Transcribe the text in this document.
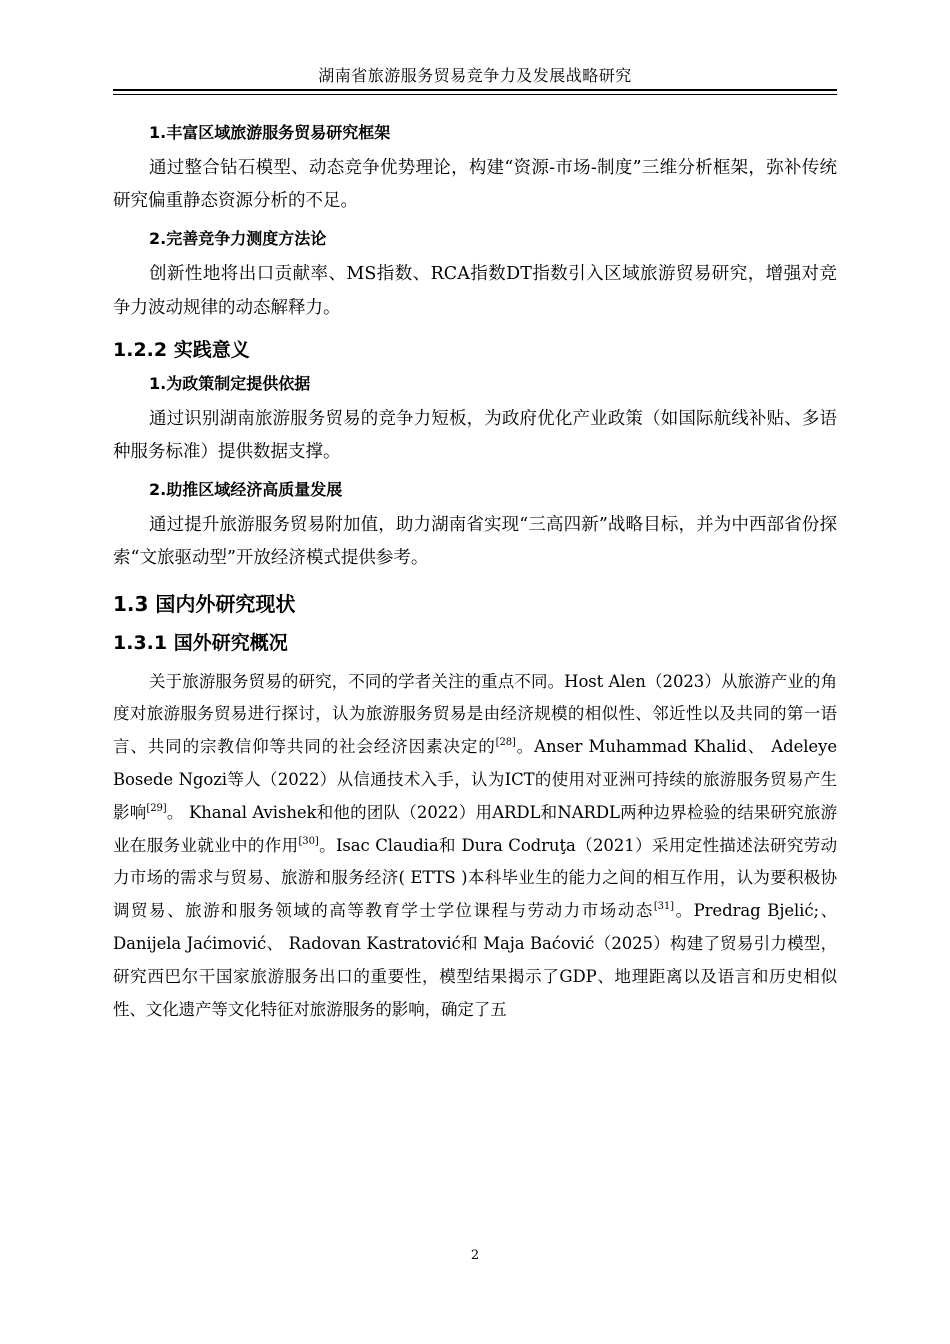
湖南省旅游服务贸易竞争力及发展战略研究
1.丰富区域旅游服务贸易研究框架

通过整合钻石模型、动态竞争优势理论，构建“资源-市场-制度”三维分析框架，弥补传统研究偏重静态资源分析的不足。

2.完善竞争力测度方法论

创新性地将出口贡献率、MS指数、RCA指数DT指数引入区域旅游贸易研究，增强对竞争力波动规律的动态解释力。

1.2.2 实践意义
1.为政策制定提供依据

通过识别湖南旅游服务贸易的竞争力短板，为政府优化产业政策（如国际航线补贴、多语种服务标准）提供数据支撑。

2.助推区域经济高质量发展

通过提升旅游服务贸易附加值，助力湖南省实现“三高四新”战略目标，并为中西部省份探索“文旅驱动型”开放经济模式提供参考。

1.3 国内外研究现状
1.3.1 国外研究概况

关于旅游服务贸易的研究，不同的学者关注的重点不同。Host Alen（2023）从旅游产业的角度对旅游服务贸易进行探讨，认为旅游服务贸易是由经济规模的相似性、邻近性以及共同的第一语言、共同的宗教信仰等共同的社会经济因素决定的[28]。Anser Muhammad Khalid、 Adeleye Bosede Ngozi等人（2022）从信通技术入手，认为ICT的使用对亚洲可持续的旅游服务贸易产生影响[29]。 Khanal Avishek和他的团队（2022）用ARDL和NARDL两种边界检验的结果研究旅游业在服务业就业中的作用[30]。Isac Claudia和 Dura Codruţa（2021）采用定性描述法研究劳动力市场的需求与贸易、旅游和服务经济( ETTS )本科毕业生的能力之间的相互作用，认为要积极协调贸易、旅游和服务领域的高等教育学士学位课程与劳动力市场动态[31]。Predrag Bjelić;、Danijela Jaćimović、 Radovan Kastratović和 Maja Baćović（2025）构建了贸易引力模型，研究西巴尔干国家旅游服务出口的重要性，模型结果揭示了GDP、地理距离以及语言和历史相似性、文化遗产等文化特征对旅游服务的影响，确定了五

2
